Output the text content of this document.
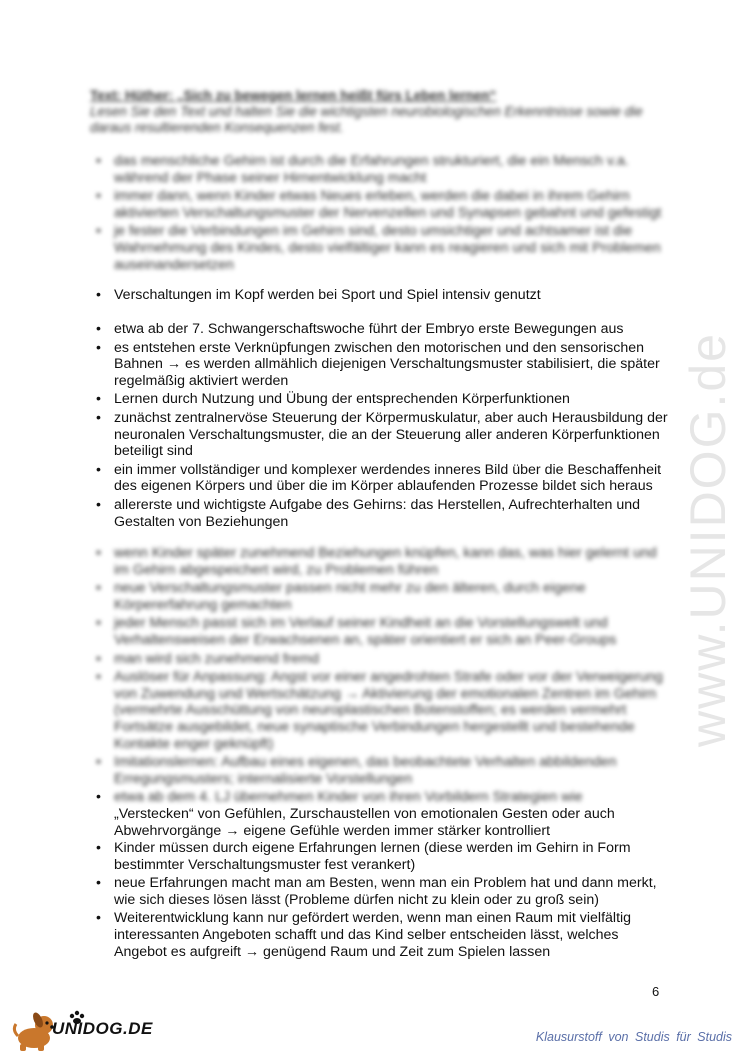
www.UNIDOG.de
Text: Hüther: „Sich zu bewegen lernen heißt fürs Leben lernen“
Lesen Sie den Text und halten Sie die wichtigsten neurobiologischen Erkenntnisse sowie die daraus resultierenden Konsequenzen fest.
• das menschliche Gehirn ist durch die Erfahrungen strukturiert, die ein Mensch v.a. während der Phase seiner Hirnentwicklung macht
• immer dann, wenn Kinder etwas Neues erleben, werden die dabei in ihrem Gehirn aktivierten Verschaltungsmuster der Nervenzellen und Synapsen gebahnt und gefestigt
• je fester die Verbindungen im Gehirn sind, desto umsichtiger und achtsamer ist die Wahrnehmung des Kindes, desto vielfältiger kann es reagieren und sich mit Problemen auseinandersetzen
• Verschaltungen im Kopf werden bei Sport und Spiel intensiv genutzt
• etwa ab der 7. Schwangerschaftswoche führt der Embryo erste Bewegungen aus
• es entstehen erste Verknüpfungen zwischen den motorischen und den sensorischen Bahnen → es werden allmählich diejenigen Verschaltungsmuster stabilisiert, die später regelmäßig aktiviert werden
• Lernen durch Nutzung und Übung der entsprechenden Körperfunktionen
• zunächst zentralnervöse Steuerung der Körpermuskulatur, aber auch Herausbildung der neuronalen Verschaltungsmuster, die an der Steuerung aller anderen Körperfunktionen beteiligt sind
• ein immer vollständiger und komplexer werdendes inneres Bild über die Beschaffenheit des eigenen Körpers und über die im Körper ablaufenden Prozesse bildet sich heraus
• allererste und wichtigste Aufgabe des Gehirns: das Herstellen, Aufrechterhalten und Gestalten von Beziehungen
• wenn Kinder später zunehmend Beziehungen knüpfen, kann das, was hier gelernt und im Gehirn abgespeichert wird, zu Problemen führen
• neue Verschaltungsmuster passen nicht mehr zu den älteren, durch eigene Körpererfahrung gemachten
• jeder Mensch passt sich im Verlauf seiner Kindheit an die Vorstellungswelt und Verhaltensweisen der Erwachsenen an, später orientiert er sich an Peer-Groups
• man wird sich zunehmend fremd
• Auslöser für Anpassung: Angst vor einer angedrohten Strafe oder vor der Verweigerung von Zuwendung und Wertschätzung → Aktivierung der emotionalen Zentren im Gehirn (vermehrte Ausschüttung von neuroplastischen Botenstoffen; es werden vermehrt Fortsätze ausgebildet, neue synaptische Verbindungen hergestellt und bestehende Kontakte enger geknüpft)
• Imitationslernen: Aufbau eines eigenen, das beobachtete Verhalten abbildenden Erregungsmusters; internalisierte Vorstellungen
• etwa ab dem 4. LJ übernehmen Kinder von ihren Vorbildern Strategien wie
„Verstecken“ von Gefühlen, Zurschaustellen von emotionalen Gesten oder auch Abwehrvorgänge → eigene Gefühle werden immer stärker kontrolliert
• Kinder müssen durch eigene Erfahrungen lernen (diese werden im Gehirn in Form bestimmter Verschaltungsmuster fest verankert)
• neue Erfahrungen macht man am Besten, wenn man ein Problem hat und dann merkt, wie sich dieses lösen lässt (Probleme dürfen nicht zu klein oder zu groß sein)
• Weiterentwicklung kann nur gefördert werden, wenn man einen Raum mit vielfältig interessanten Angeboten schafft und das Kind selber entscheiden lässt, welches Angebot es aufgreift → genügend Raum und Zeit zum Spielen lassen
6
UNIDOG.DE	Klausurstoff von Studis für Studis
